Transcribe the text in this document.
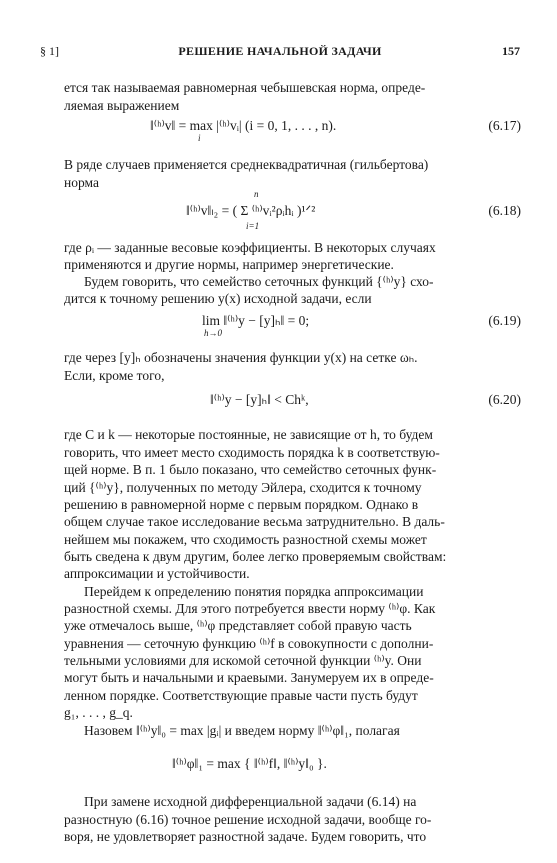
§ 1]	РЕШЕНИЕ НАЧАЛЬНОЙ ЗАДАЧИ	157
ется так называемая равномерная чебышевская норма, опреде-
ляемая выражением
‖⁽ʰ⁾v‖ = max |⁽ʰ⁾vᵢ| (i = 0, 1, . . . , n).
i
(6.17)
В ряде случаев применяется среднеквадратичная (гильбертова)
норма
‖⁽ʰ⁾v‖ₗ₂ = ( Σ ⁽ʰ⁾vᵢ²ρᵢhᵢ )¹ᐟ²
n
i=1
(6.18)
где ρᵢ — заданные весовые коэффициенты. В некоторых случаях
применяются и другие нормы, например энергетические.
Будем говорить, что семейство сеточных функций {⁽ʰ⁾y} схо-
дится к точному решению y(x) исходной задачи, если
lim ‖⁽ʰ⁾y − [y]ₕ‖ = 0;
h→0
(6.19)
где через [y]ₕ обозначены значения функции y(x) на сетке ωₕ.
Если, кроме того,
‖⁽ʰ⁾y − [y]ₕ‖ < Chᵏ,	(6.20)
где C и k — некоторые постоянные, не зависящие от h, то будем
говорить, что имеет место сходимость порядка k в соответствую-
щей норме. В п. 1 было показано, что семейство сеточных функ-
ций {⁽ʰ⁾y}, полученных по методу Эйлера, сходится к точному
решению в равномерной норме с первым порядком. Однако в
общем случае такое исследование весьма затруднительно. В даль-
нейшем мы покажем, что сходимость разностной схемы может
быть сведена к двум другим, более легко проверяемым свойствам:
аппроксимации и устойчивости.
Перейдем к определению понятия порядка аппроксимации
разностной схемы. Для этого потребуется ввести норму ⁽ʰ⁾φ. Как
уже отмечалось выше, ⁽ʰ⁾φ представляет собой правую часть
уравнения — сеточную функцию ⁽ʰ⁾f в совокупности с дополни-
тельными условиями для искомой сеточной функции ⁽ʰ⁾y. Они
могут быть и начальными и краевыми. Занумеруем их в опреде-
ленном порядке. Соответствующие правые части пусть будут
g₁, . . . , g_q.
Назовем ‖⁽ʰ⁾y‖₀ = max |gᵢ| и введем норму ‖⁽ʰ⁾φ‖₁, полагая
‖⁽ʰ⁾φ‖₁ = max { ‖⁽ʰ⁾f‖, ‖⁽ʰ⁾y‖₀ }.
При замене исходной дифференциальной задачи (6.14) на
разностную (6.16) точное решение исходной задачи, вообще го-
воря, не удовлетворяет разностной задаче. Будем говорить, что
